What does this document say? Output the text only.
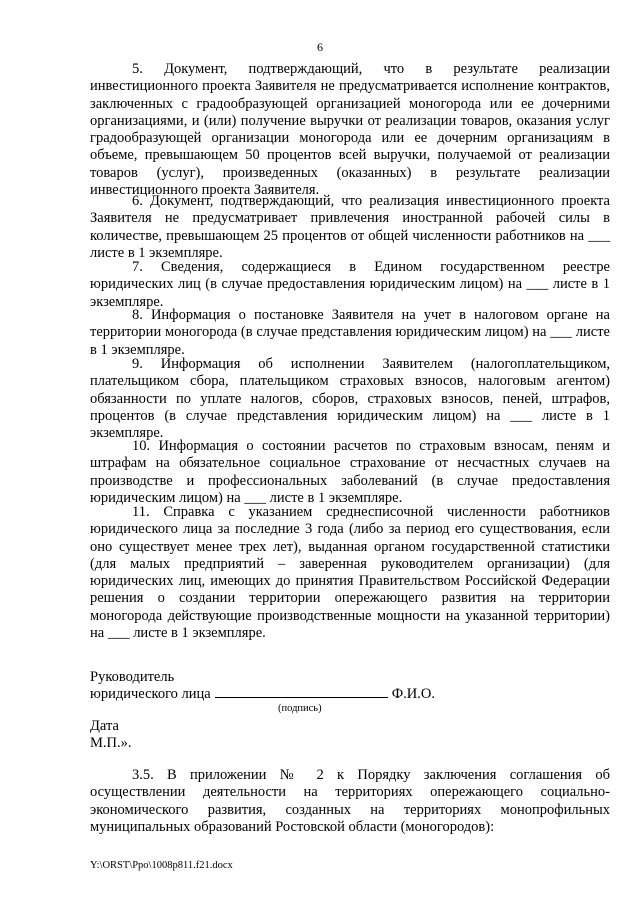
6
5. Документ, подтверждающий, что в результате реализации инвестиционного проекта Заявителя не предусматривается исполнение контрактов, заключенных с градообразующей организацией моногорода или ее дочерними организациями, и (или) получение выручки от реализации товаров, оказания услуг градообразующей организации моногорода или ее дочерним организациям в объеме, превышающем 50 процентов всей выручки, получаемой от реализации товаров (услуг), произведенных (оказанных) в результате реализации инвестиционного проекта Заявителя.
6. Документ, подтверждающий, что реализация инвестиционного проекта Заявителя не предусматривает привлечения иностранной рабочей силы в количестве, превышающем 25 процентов от общей численности работников на ___ листе в 1 экземпляре.
7. Сведения, содержащиеся в Едином государственном реестре юридических лиц (в случае предоставления юридическим лицом) на ___ листе в 1 экземпляре.
8. Информация о постановке Заявителя на учет в налоговом органе на территории моногорода (в случае представления юридическим лицом) на ___ листе в 1 экземпляре.
9. Информация об исполнении Заявителем (налогоплательщиком, плательщиком сбора, плательщиком страховых взносов, налоговым агентом) обязанности по уплате налогов, сборов, страховых взносов, пеней, штрафов, процентов (в случае представления юридическим лицом) на ___ листе в 1 экземпляре.
10. Информация о состоянии расчетов по страховым взносам, пеням и штрафам на обязательное социальное страхование от несчастных случаев на производстве и профессиональных заболеваний (в случае предоставления юридическим лицом) на ___ листе в 1 экземпляре.
11. Справка с указанием среднесписочной численности работников юридического лица за последние 3 года (либо за период его существования, если оно существует менее трех лет), выданная органом государственной статистики (для малых предприятий – заверенная руководителем организации) (для юридических лиц, имеющих до принятия Правительством Российской Федерации решения о создании территории опережающего развития на территории моногорода действующие производственные мощности на указанной территории) на ___ листе в 1 экземпляре.
Руководитель
юридического лица	Ф.И.О.
(подпись)
Дата
М.П.».
3.5. В приложении № 2 к Порядку заключения соглашения об осуществлении деятельности на территориях опережающего социально-экономического развития, созданных на территориях монопрофильных муниципальных образований Ростовской области (моногородов):
Y:\ORST\Ppo\1008p811.f21.docx
